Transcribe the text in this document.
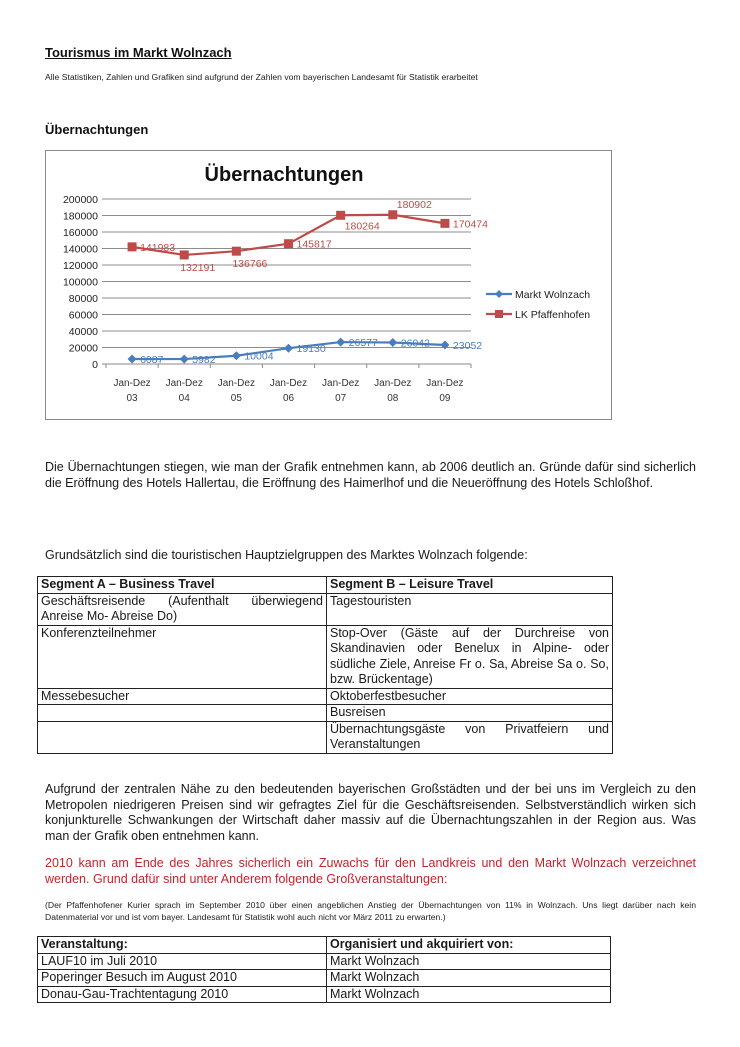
Tourismus im Markt Wolnzach
Alle Statistiken, Zahlen und Grafiken sind aufgrund der Zahlen vom bayerischen Landesamt für Statistik erarbeitet
Übernachtungen
Übernachtungen
0
20000
40000
60000
80000
100000
120000
140000
160000
180000
200000
Jan-Dez
03
Jan-Dez
04
Jan-Dez
05
Jan-Dez
06
Jan-Dez
07
Jan-Dez
08
Jan-Dez
09
6087	5982	10004
19130
26577 26042 23052
141983
132191 136766
145817
180264
180902
170474
Markt Wolnzach
LK Pfaffenhofen
Die Übernachtungen stiegen, wie man der Grafik entnehmen kann, ab 2006 deutlich an. Gründe dafür sind sicherlich die Eröffnung des Hotels Hallertau, die Eröffnung des Haimerlhof und die Neueröffnung des Hotels Schloßhof.
Grundsätzlich sind die touristischen Hauptzielgruppen des Marktes Wolnzach folgende:
Segment A – Business Travel	Segment B – Leisure Travel
Geschäftsreisende (Aufenthalt überwiegend Anreise Mo- Abreise Do)	Tagestouristen
Konferenzteilnehmer	Stop-Over (Gäste auf der Durchreise von Skandinavien oder Benelux in Alpine- oder südliche Ziele, Anreise Fr o. Sa, Abreise Sa o. So, bzw. Brückentage)
Messebesucher	Oktoberfestbesucher
	Busreisen
	Übernachtungsgäste von Privatfeiern und Veranstaltungen
Aufgrund der zentralen Nähe zu den bedeutenden bayerischen Großstädten und der bei uns im Vergleich zu den Metropolen niedrigeren Preisen sind wir gefragtes Ziel für die Geschäftsreisenden. Selbstverständlich wirken sich konjunkturelle Schwankungen der Wirtschaft daher massiv auf die Übernachtungszahlen in der Region aus. Was man der Grafik oben entnehmen kann.
2010 kann am Ende des Jahres sicherlich ein Zuwachs für den Landkreis und den Markt Wolnzach verzeichnet werden. Grund dafür sind unter Anderem folgende Großveranstaltungen:
(Der Pfaffenhofener Kurier sprach im September 2010 über einen angeblichen Anstieg der Übernachtungen von 11% in Wolnzach. Uns liegt darüber nach kein Datenmaterial vor und ist vom bayer. Landesamt für Statistik wohl auch nicht vor März 2011 zu erwarten.)
Veranstaltung:	Organisiert und akquiriert von:
LAUF10 im Juli 2010	Markt Wolnzach
Poperinger Besuch im August 2010	Markt Wolnzach
Donau-Gau-Trachtentagung 2010	Markt Wolnzach
